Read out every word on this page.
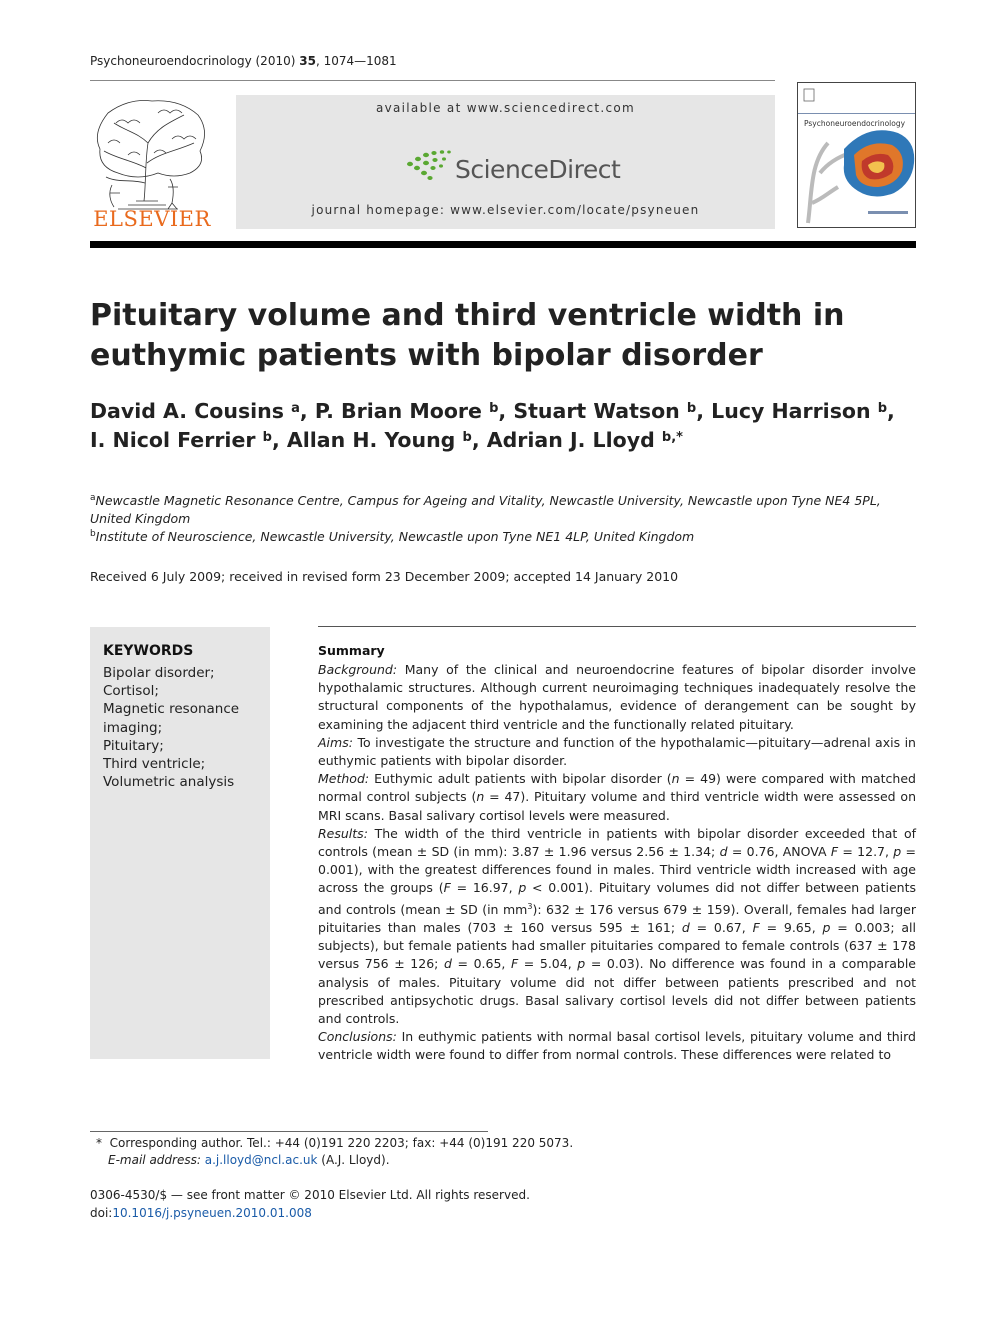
Psychoneuroendocrinology (2010) 35, 1074—1081
ELSEVIER
available at www.sciencedirect.com
ScienceDirect
journal homepage: www.elsevier.com/locate/psyneuen
Psychoneuroendocrinology
Pituitary volume and third ventricle width in
euthymic patients with bipolar disorder
David A. Cousins $^a$, P. Brian Moore $^b$, Stuart Watson $^b$, Lucy Harrison $^b$,
I. Nicol Ferrier $^b$, Allan H. Young $^b$, Adrian J. Lloyd $^{b,*}$
$^a$Newcastle Magnetic Resonance Centre, Campus for Ageing and Vitality, Newcastle University, Newcastle upon Tyne NE4 5PL,
United Kingdom
$^b$Institute of Neuroscience, Newcastle University, Newcastle upon Tyne NE1 4LP, United Kingdom
Received 6 July 2009; received in revised form 23 December 2009; accepted 14 January 2010
KEYWORDS
Bipolar disorder;
Cortisol;
Magnetic resonance
imaging;
Pituitary;
Third ventricle;
Volumetric analysis
Summary

Background: Many of the clinical and neuroendocrine features of bipolar disorder involve hypothalamic structures. Although current neuroimaging techniques inadequately resolve the structural components of the hypothalamus, evidence of derangement can be sought by examining the adjacent third ventricle and the functionally related pituitary.

Aims: To investigate the structure and function of the hypothalamic—pituitary—adrenal axis in euthymic patients with bipolar disorder.

Method: Euthymic adult patients with bipolar disorder (n = 49) were compared with matched normal control subjects (n = 47). Pituitary volume and third ventricle width were assessed on MRI scans. Basal salivary cortisol levels were measured.

Results: The width of the third ventricle in patients with bipolar disorder exceeded that of controls (mean ± SD (in mm): 3.87 ± 1.96 versus 2.56 ± 1.34; d = 0.76, ANOVA F = 12.7, p = 0.001), with the greatest differences found in males. Third ventricle width increased with age across the groups (F = 16.97, p < 0.001). Pituitary volumes did not differ between patients and controls (mean ± SD (in $mm^3$): 632 ± 176 versus 679 ± 159). Overall, females had larger pituitaries than males (703 ± 160 versus 595 ± 161; d = 0.67, F = 9.65, p = 0.003; all subjects), but female patients had smaller pituitaries compared to female controls (637 ± 178 versus 756 ± 126; d = 0.65, F = 5.04, p = 0.03). No difference was found in a comparable analysis of males. Pituitary volume did not differ between patients prescribed and not prescribed antipsychotic drugs. Basal salivary cortisol levels did not differ between patients and controls.

Conclusions: In euthymic patients with normal basal cortisol levels, pituitary volume and third ventricle width were found to differ from normal controls. These differences were related to

* Corresponding author. Tel.: +44 (0)191 220 2203; fax: +44 (0)191 220 5073.
E-mail address: a.j.lloyd@ncl.ac.uk (A.J. Lloyd).
0306-4530/$ — see front matter © 2010 Elsevier Ltd. All rights reserved.
doi:10.1016/j.psyneuen.2010.01.008
